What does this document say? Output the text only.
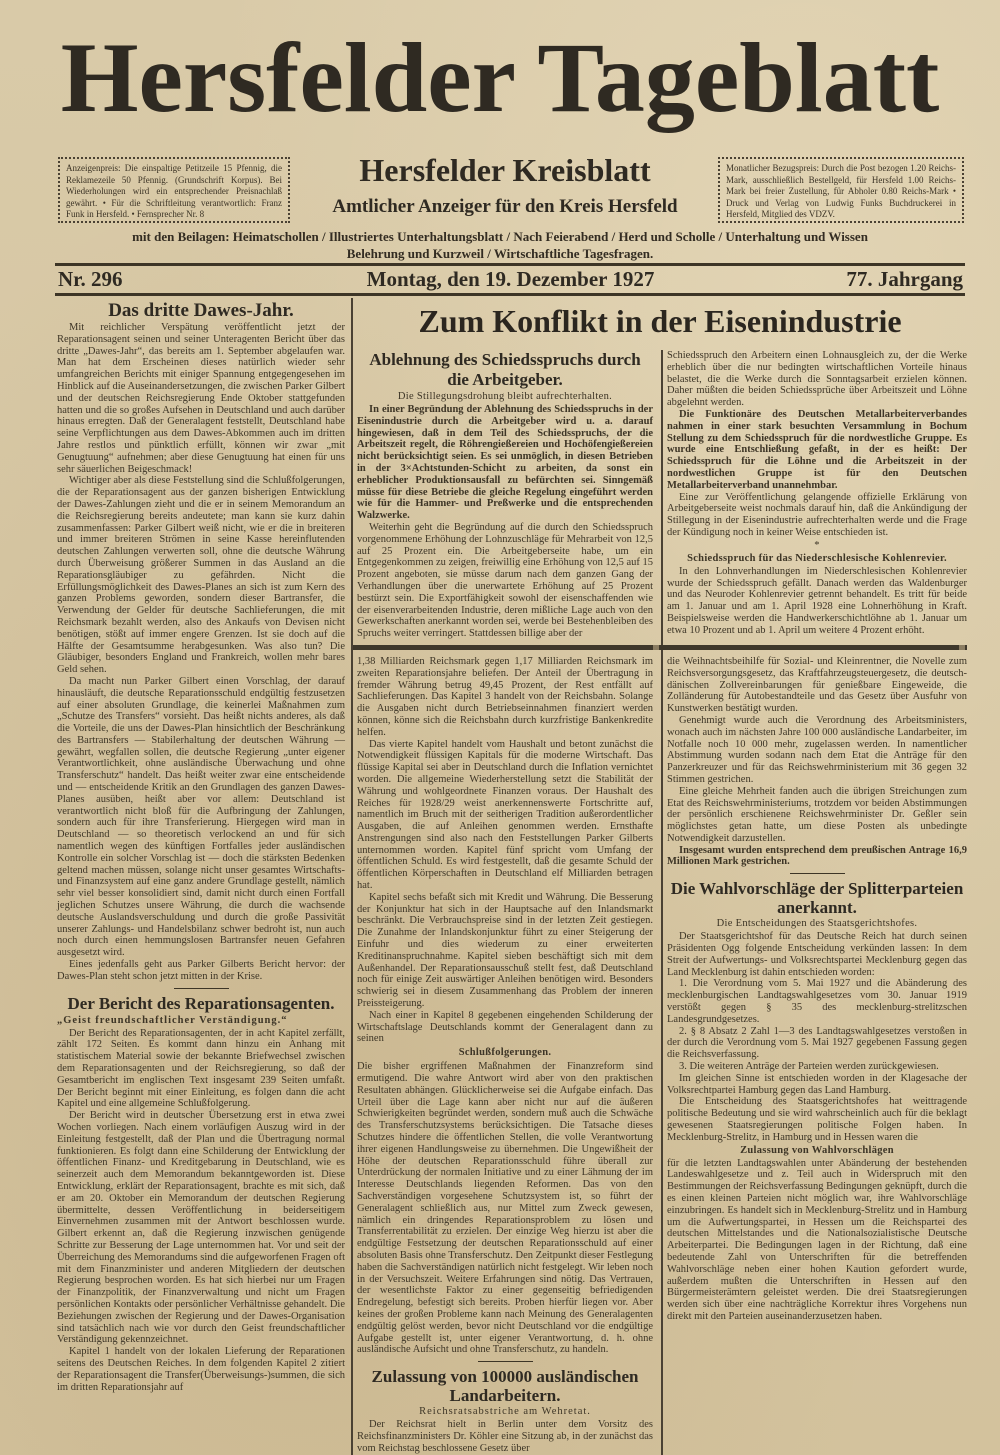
Hersfelder Tageblatt
Anzeigenpreis: Die einspaltige Petitzeile 15 Pfennig, die Reklamezeile 50 Pfennig. (Grundschrift Korpus). Bei Wiederholungen wird ein entsprechender Preisnachlaß gewährt. • Für die Schriftleitung verantwortlich: Franz Funk in Hersfeld. • Fernsprecher Nr. 8
Hersfelder Kreisblatt
Amtlicher Anzeiger für den Kreis Hersfeld
Monatlicher Bezugspreis: Durch die Post bezogen 1.20 Reichs-Mark, ausschließlich Bestellgeld, für Hersfeld 1.00 Reichs-Mark bei freier Zustellung, für Abholer 0.80 Reichs-Mark • Druck und Verlag von Ludwig Funks Buchdruckerei in Hersfeld, Mitglied des VDZV.
mit den Beilagen: Heimatschollen / Illustriertes Unterhaltungsblatt / Nach Feierabend / Herd und Scholle / Unterhaltung und Wissen
Belehrung und Kurzweil / Wirtschaftliche Tagesfragen.
Nr. 296	Montag, den 19. Dezember 1927	77. Jahrgang
Das dritte Dawes-Jahr.

Mit reichlicher Verspätung veröffentlicht jetzt der Reparationsagent seinen und seiner Unteragenten Bericht über das dritte „Dawes-Jahr“, das bereits am 1. September abgelaufen war. Man hat dem Erscheinen dieses natürlich wieder sehr umfangreichen Berichts mit einiger Spannung entgegengesehen im Hinblick auf die Auseinandersetzungen, die zwischen Parker Gilbert und der deutschen Reichsregierung Ende Oktober stattgefunden hatten und die so großes Aufsehen in Deutschland und auch darüber hinaus erregten. Daß der Generalagent feststellt, Deutschland habe seine Verpflichtungen aus dem Dawes-Abkommen auch im dritten Jahre restlos und pünktlich erfüllt, können wir zwar „mit Genugtuung“ aufnehmen; aber diese Genugtuung hat einen für uns sehr säuerlichen Beigeschmack!

Wichtiger aber als diese Feststellung sind die Schlußfolgerungen, die der Reparationsagent aus der ganzen bisherigen Entwicklung der Dawes-Zahlungen zieht und die er in seinem Memorandum an die Reichsregierung bereits andeutete; man kann sie kurz dahin zusammenfassen: Parker Gilbert weiß nicht, wie er die in breiteren und immer breiteren Strömen in seine Kasse hereinflutenden deutschen Zahlungen verwerten soll, ohne die deutsche Währung durch Überweisung größerer Summen in das Ausland an die Reparationsgläubiger zu gefährden. Nicht die Erfüllungsmöglichkeit des Dawes-Planes an sich ist zum Kern des ganzen Problems geworden, sondern dieser Bartransfer, die Verwendung der Gelder für deutsche Sachlieferungen, die mit Reichsmark bezahlt werden, also des Ankaufs von Devisen nicht benötigen, stößt auf immer engere Grenzen. Ist sie doch auf die Hälfte der Gesamtsumme herabgesunken. Was also tun? Die Gläubiger, besonders England und Frankreich, wollen mehr bares Geld sehen.

Da macht nun Parker Gilbert einen Vorschlag, der darauf hinausläuft, die deutsche Reparationsschuld endgültig festzusetzen auf einer absoluten Grundlage, die keinerlei Maßnahmen zum „Schutze des Transfers“ vorsieht. Das heißt nichts anderes, als daß die Vorteile, die uns der Dawes-Plan hinsichtlich der Beschränkung des Bartransfers — Stabilerhaltung der deutschen Währung — gewährt, wegfallen sollen, die deutsche Regierung „unter eigener Verantwortlichkeit, ohne ausländische Überwachung und ohne Transferschutz“ handelt. Das heißt weiter zwar eine entscheidende und — entscheidende Kritik an den Grundlagen des ganzen Dawes-Planes ausüben, heißt aber vor allem: Deutschland ist verantwortlich nicht bloß für die Aufbringung der Zahlungen, sondern auch für ihre Transferierung. Hiergegen wird man in Deutschland — so theoretisch verlockend an und für sich namentlich wegen des künftigen Fortfalles jeder ausländischen Kontrolle ein solcher Vorschlag ist — doch die stärksten Bedenken geltend machen müssen, solange nicht unser gesamtes Wirtschafts- und Finanzsystem auf eine ganz andere Grundlage gestellt, nämlich sehr viel besser konsolidiert sind, damit nicht durch einen Fortfall jeglichen Schutzes unsere Währung, die durch die wachsende deutsche Auslandsverschuldung und durch die große Passivität unserer Zahlungs- und Handelsbilanz schwer bedroht ist, nun auch noch durch einen hemmungslosen Bartransfer neuen Gefahren ausgesetzt wird.

Eines jedenfalls geht aus Parker Gilberts Bericht hervor: der Dawes-Plan steht schon jetzt mitten in der Krise.

Der Bericht des Reparationsagenten.
„Geist freundschaftlicher Verständigung.“

Der Bericht des Reparationsagenten, der in acht Kapitel zerfällt, zählt 172 Seiten. Es kommt dann hinzu ein Anhang mit statistischem Material sowie der bekannte Briefwechsel zwischen dem Reparationsagenten und der Reichsregierung, so daß der Gesamtbericht im englischen Text insgesamt 239 Seiten umfaßt. Der Bericht beginnt mit einer Einleitung, es folgen dann die acht Kapitel und eine allgemeine Schlußfolgerung.

Der Bericht wird in deutscher Übersetzung erst in etwa zwei Wochen vorliegen. Nach einem vorläufigen Auszug wird in der Einleitung festgestellt, daß der Plan und die Übertragung normal funktionieren. Es folgt dann eine Schilderung der Entwicklung der öffentlichen Finanz- und Kreditgebarung in Deutschland, wie es seinerzeit auch dem Memorandum bekanntgeworden ist. Diese Entwicklung, erklärt der Reparationsagent, brachte es mit sich, daß er am 20. Oktober ein Memorandum der deutschen Regierung übermittelte, dessen Veröffentlichung in beiderseitigem Einvernehmen zusammen mit der Antwort beschlossen wurde. Gilbert erkennt an, daß die Regierung inzwischen genügende Schritte zur Besserung der Lage unternommen hat. Vor und seit der Überreichung des Memorandums sind die aufgeworfenen Fragen oft mit dem Finanzminister und anderen Mitgliedern der deutschen Regierung besprochen worden. Es hat sich hierbei nur um Fragen der Finanzpolitik, der Finanzverwaltung und nicht um Fragen persönlichen Kontakts oder persönlicher Verhältnisse gehandelt. Die Beziehungen zwischen der Regierung und der Dawes-Organisation sind tatsächlich nach wie vor durch den Geist freundschaftlicher Verständigung gekennzeichnet.

Kapitel 1 handelt von der lokalen Lieferung der Reparationen seitens des Deutschen Reiches. In dem folgenden Kapitel 2 zitiert der Reparationsagent die Transfer(Überweisungs-)summen, die sich im dritten Reparationsjahr auf

Zum Konflikt in der Eisenindustrie
Ablehnung des Schiedsspruchs durch die Arbeitgeber.
Die Stillegungsdrohung bleibt aufrechterhalten.

In einer Begründung der Ablehnung des Schiedsspruchs in der Eisenindustrie durch die Arbeitgeber wird u. a. darauf hingewiesen, daß in dem Teil des Schiedsspruchs, der die Arbeitszeit regelt, die Röhrengießereien und Hochöfengießereien nicht berücksichtigt seien. Es sei unmöglich, in diesen Betrieben in der 3×Achtstunden-Schicht zu arbeiten, da sonst ein erheblicher Produktionsausfall zu befürchten sei. Sinngemäß müsse für diese Betriebe die gleiche Regelung eingeführt werden wie für die Hammer- und Preßwerke und die entsprechenden Walzwerke.

Weiterhin geht die Begründung auf die durch den Schiedsspruch vorgenommene Erhöhung der Lohnzuschläge für Mehrarbeit von 12,5 auf 25 Prozent ein. Die Arbeitgeberseite habe, um ein Entgegenkommen zu zeigen, freiwillig eine Erhöhung von 12,5 auf 15 Prozent angeboten, sie müsse darum nach dem ganzen Gang der Verhandlungen über die unerwartete Erhöhung auf 25 Prozent bestürzt sein. Die Exportfähigkeit sowohl der eisenschaffenden wie der eisenverarbeitenden Industrie, deren mißliche Lage auch von den Gewerkschaften anerkannt worden sei, werde bei Bestehenbleiben des Spruchs weiter verringert. Stattdessen billige aber der

Schiedsspruch den Arbeitern einen Lohnausgleich zu, der die Werke erheblich über die nur bedingten wirtschaftlichen Vorteile hinaus belastet, die die Werke durch die Sonntagsarbeit erzielen können. Daher müßten die beiden Schiedssprüche über Arbeitszeit und Löhne abgelehnt werden.

Die Funktionäre des Deutschen Metallarbeiterverbandes nahmen in einer stark besuchten Versammlung in Bochum Stellung zu dem Schiedsspruch für die nordwestliche Gruppe. Es wurde eine Entschließung gefaßt, in der es heißt: Der Schiedsspruch für die Löhne und die Arbeitszeit in der nordwestlichen Gruppe ist für den Deutschen Metallarbeiterverband unannehmbar.

Eine zur Veröffentlichung gelangende offizielle Erklärung von Arbeitgeberseite weist nochmals darauf hin, daß die Ankündigung der Stillegung in der Eisenindustrie aufrechterhalten werde und die Frage der Kündigung noch in keiner Weise entschieden ist.

*
Schiedsspruch für das Niederschlesische Kohlenrevier.

In den Lohnverhandlungen im Niederschlesischen Kohlenrevier wurde der Schiedsspruch gefällt. Danach werden das Waldenburger und das Neuroder Kohlenrevier getrennt behandelt. Es tritt für beide am 1. Januar und am 1. April 1928 eine Lohnerhöhung in Kraft. Beispielsweise werden die Handwerkerschichtlöhne ab 1. Januar um etwa 10 Prozent und ab 1. April um weitere 4 Prozent erhöht.

1,38 Milliarden Reichsmark gegen 1,17 Milliarden Reichsmark im zweiten Reparationsjahre beliefen. Der Anteil der Übertragung in fremder Währung betrug 49,45 Prozent, der Rest entfällt auf Sachlieferungen. Das Kapitel 3 handelt von der Reichsbahn. Solange die Ausgaben nicht durch Betriebseinnahmen finanziert werden können, könne sich die Reichsbahn durch kurzfristige Bankenkredite helfen.

Das vierte Kapitel handelt vom Haushalt und betont zunächst die Notwendigkeit flüssigen Kapitals für die moderne Wirtschaft. Das flüssige Kapital sei aber in Deutschland durch die Inflation vernichtet worden. Die allgemeine Wiederherstellung setzt die Stabilität der Währung und wohlgeordnete Finanzen voraus. Der Haushalt des Reiches für 1928/29 weist anerkennenswerte Fortschritte auf, namentlich im Bruch mit der seitherigen Tradition außerordentlicher Ausgaben, die auf Anleihen genommen werden. Ernsthafte Anstrengungen sind also nach den Feststellungen Parker Gilberts unternommen worden. Kapitel fünf spricht vom Umfang der öffentlichen Schuld. Es wird festgestellt, daß die gesamte Schuld der öffentlichen Körperschaften in Deutschland elf Milliarden betragen hat.

Kapitel sechs befaßt sich mit Kredit und Währung. Die Besserung der Konjunktur hat sich in der Hauptsache auf den Inlandsmarkt beschränkt. Die Verbrauchspreise sind in der letzten Zeit gestiegen. Die Zunahme der Inlandskonjunktur führt zu einer Steigerung der Einfuhr und dies wiederum zu einer erweiterten Kreditinanspruchnahme. Kapitel sieben beschäftigt sich mit dem Außenhandel. Der Reparationsausschuß stellt fest, daß Deutschland noch für einige Zeit auswärtiger Anleihen benötigen wird. Besonders schwierig sei in diesem Zusammenhang das Problem der inneren Preissteigerung.

Nach einer in Kapitel 8 gegebenen eingehenden Schilderung der Wirtschaftslage Deutschlands kommt der Generalagent dann zu seinen

Schlußfolgerungen.

Die bisher ergriffenen Maßnahmen der Finanzreform sind ermutigend. Die wahre Antwort wird aber von den praktischen Resultaten abhängen. Glücklicherweise sei die Aufgabe einfach. Das Urteil über die Lage kann aber nicht nur auf die äußeren Schwierigkeiten begründet werden, sondern muß auch die Schwäche des Transferschutzsystems berücksichtigen. Die Tatsache dieses Schutzes hindere die öffentlichen Stellen, die volle Verantwortung ihrer eigenen Handlungsweise zu übernehmen. Die Ungewißheit der Höhe der deutschen Reparationsschuld führe überall zur Unterdrückung der normalen Initiative und zu einer Lähmung der im Interesse Deutschlands liegenden Reformen. Das von den Sachverständigen vorgesehene Schutzsystem ist, so führt der Generalagent schließlich aus, nur Mittel zum Zweck gewesen, nämlich ein dringendes Reparationsproblem zu lösen und Transferrentabilität zu erzielen. Der einzige Weg hierzu ist aber die endgültige Festsetzung der deutschen Reparationsschuld auf einer absoluten Basis ohne Transferschutz. Den Zeitpunkt dieser Festlegung haben die Sachverständigen natürlich nicht festgelegt. Wir leben noch in der Versuchszeit. Weitere Erfahrungen sind nötig. Das Vertrauen, der wesentlichste Faktor zu einer gegenseitig befriedigenden Endregelung, befestigt sich bereits. Proben hierfür liegen vor. Aber keines der großen Probleme kann nach Meinung des Generalagenten endgültig gelöst werden, bevor nicht Deutschland vor die endgültige Aufgabe gestellt ist, unter eigener Verantwortung, d. h. ohne ausländische Aufsicht und ohne Transferschutz, zu handeln.

Zulassung von 100000 ausländischen Landarbeitern.
Reichsratsabstriche am Wehretat.

Der Reichsrat hielt in Berlin unter dem Vorsitz des Reichsfinanzministers Dr. Köhler eine Sitzung ab, in der zunächst das vom Reichstag beschlossene Gesetz über

die Weihnachtsbeihilfe für Sozial- und Kleinrentner, die Novelle zum Reichsversorgungsgesetz, das Kraftfahrzeugsteuergesetz, die deutsch-dänischen Zollvereinbarungen für genießbare Eingeweide, die Zolländerung für Autobestandteile und das Gesetz über Ausfuhr von Kunstwerken bestätigt wurden.

Genehmigt wurde auch die Verordnung des Arbeitsministers, wonach auch im nächsten Jahre 100 000 ausländische Landarbeiter, im Notfalle noch 10 000 mehr, zugelassen werden. In namentlicher Abstimmung wurden sodann nach dem Etat die Anträge für den Panzerkreuzer und für das Reichswehrministerium mit 36 gegen 32 Stimmen gestrichen.

Eine gleiche Mehrheit fanden auch die übrigen Streichungen zum Etat des Reichswehrministeriums, trotzdem vor beiden Abstimmungen der persönlich erschienene Reichswehrminister Dr. Geßler sein möglichstes getan hatte, um diese Posten als unbedingte Notwendigkeit darzustellen.

Insgesamt wurden entsprechend dem preußischen Antrage 16,9 Millionen Mark gestrichen.

Die Wahlvorschläge der Splitterparteien anerkannt.
Die Entscheidungen des Staatsgerichtshofes.

Der Staatsgerichtshof für das Deutsche Reich hat durch seinen Präsidenten Ogg folgende Entscheidung verkünden lassen: In dem Streit der Aufwertungs- und Volksrechtspartei Mecklenburg gegen das Land Mecklenburg ist dahin entschieden worden:

1. Die Verordnung vom 5. Mai 1927 und die Abänderung des mecklenburgischen Landtagswahlgesetzes vom 30. Januar 1919 verstößt gegen § 35 des mecklenburg-strelitzschen Landesgrundgesetzes.

2. § 8 Absatz 2 Zahl 1—3 des Landtagswahlgesetzes verstoßen in der durch die Verordnung vom 5. Mai 1927 gegebenen Fassung gegen die Reichsverfassung.

3. Die weiteren Anträge der Parteien werden zurückgewiesen.

Im gleichen Sinne ist entschieden worden in der Klagesache der Volksrechtpartei Hamburg gegen das Land Hamburg.

Die Entscheidung des Staatsgerichtshofes hat weittragende politische Bedeutung und sie wird wahrscheinlich auch für die beklagt gewesenen Staatsregierungen politische Folgen haben. In Mecklenburg-Strelitz, in Hamburg und in Hessen waren die

Zulassung von Wahlvorschlägen

für die letzten Landtagswahlen unter Abänderung der bestehenden Landeswahlgesetze und z. Teil auch in Widerspruch mit den Bestimmungen der Reichsverfassung Bedingungen geknüpft, durch die es einen kleinen Parteien nicht möglich war, ihre Wahlvorschläge einzubringen. Es handelt sich in Mecklenburg-Strelitz und in Hamburg um die Aufwertungspartei, in Hessen um die Reichspartei des deutschen Mittelstandes und die Nationalsozialistische Deutsche Arbeiterpartei. Die Bedingungen lagen in der Richtung, daß eine bedeutende Zahl von Unterschriften für die betreffenden Wahlvorschläge neben einer hohen Kaution gefordert wurde, außerdem mußten die Unterschriften in Hessen auf den Bürgermeisterämtern geleistet werden. Die drei Staatsregierungen werden sich über eine nachträgliche Korrektur ihres Vorgehens nun direkt mit den Parteien auseinanderzusetzen haben.
